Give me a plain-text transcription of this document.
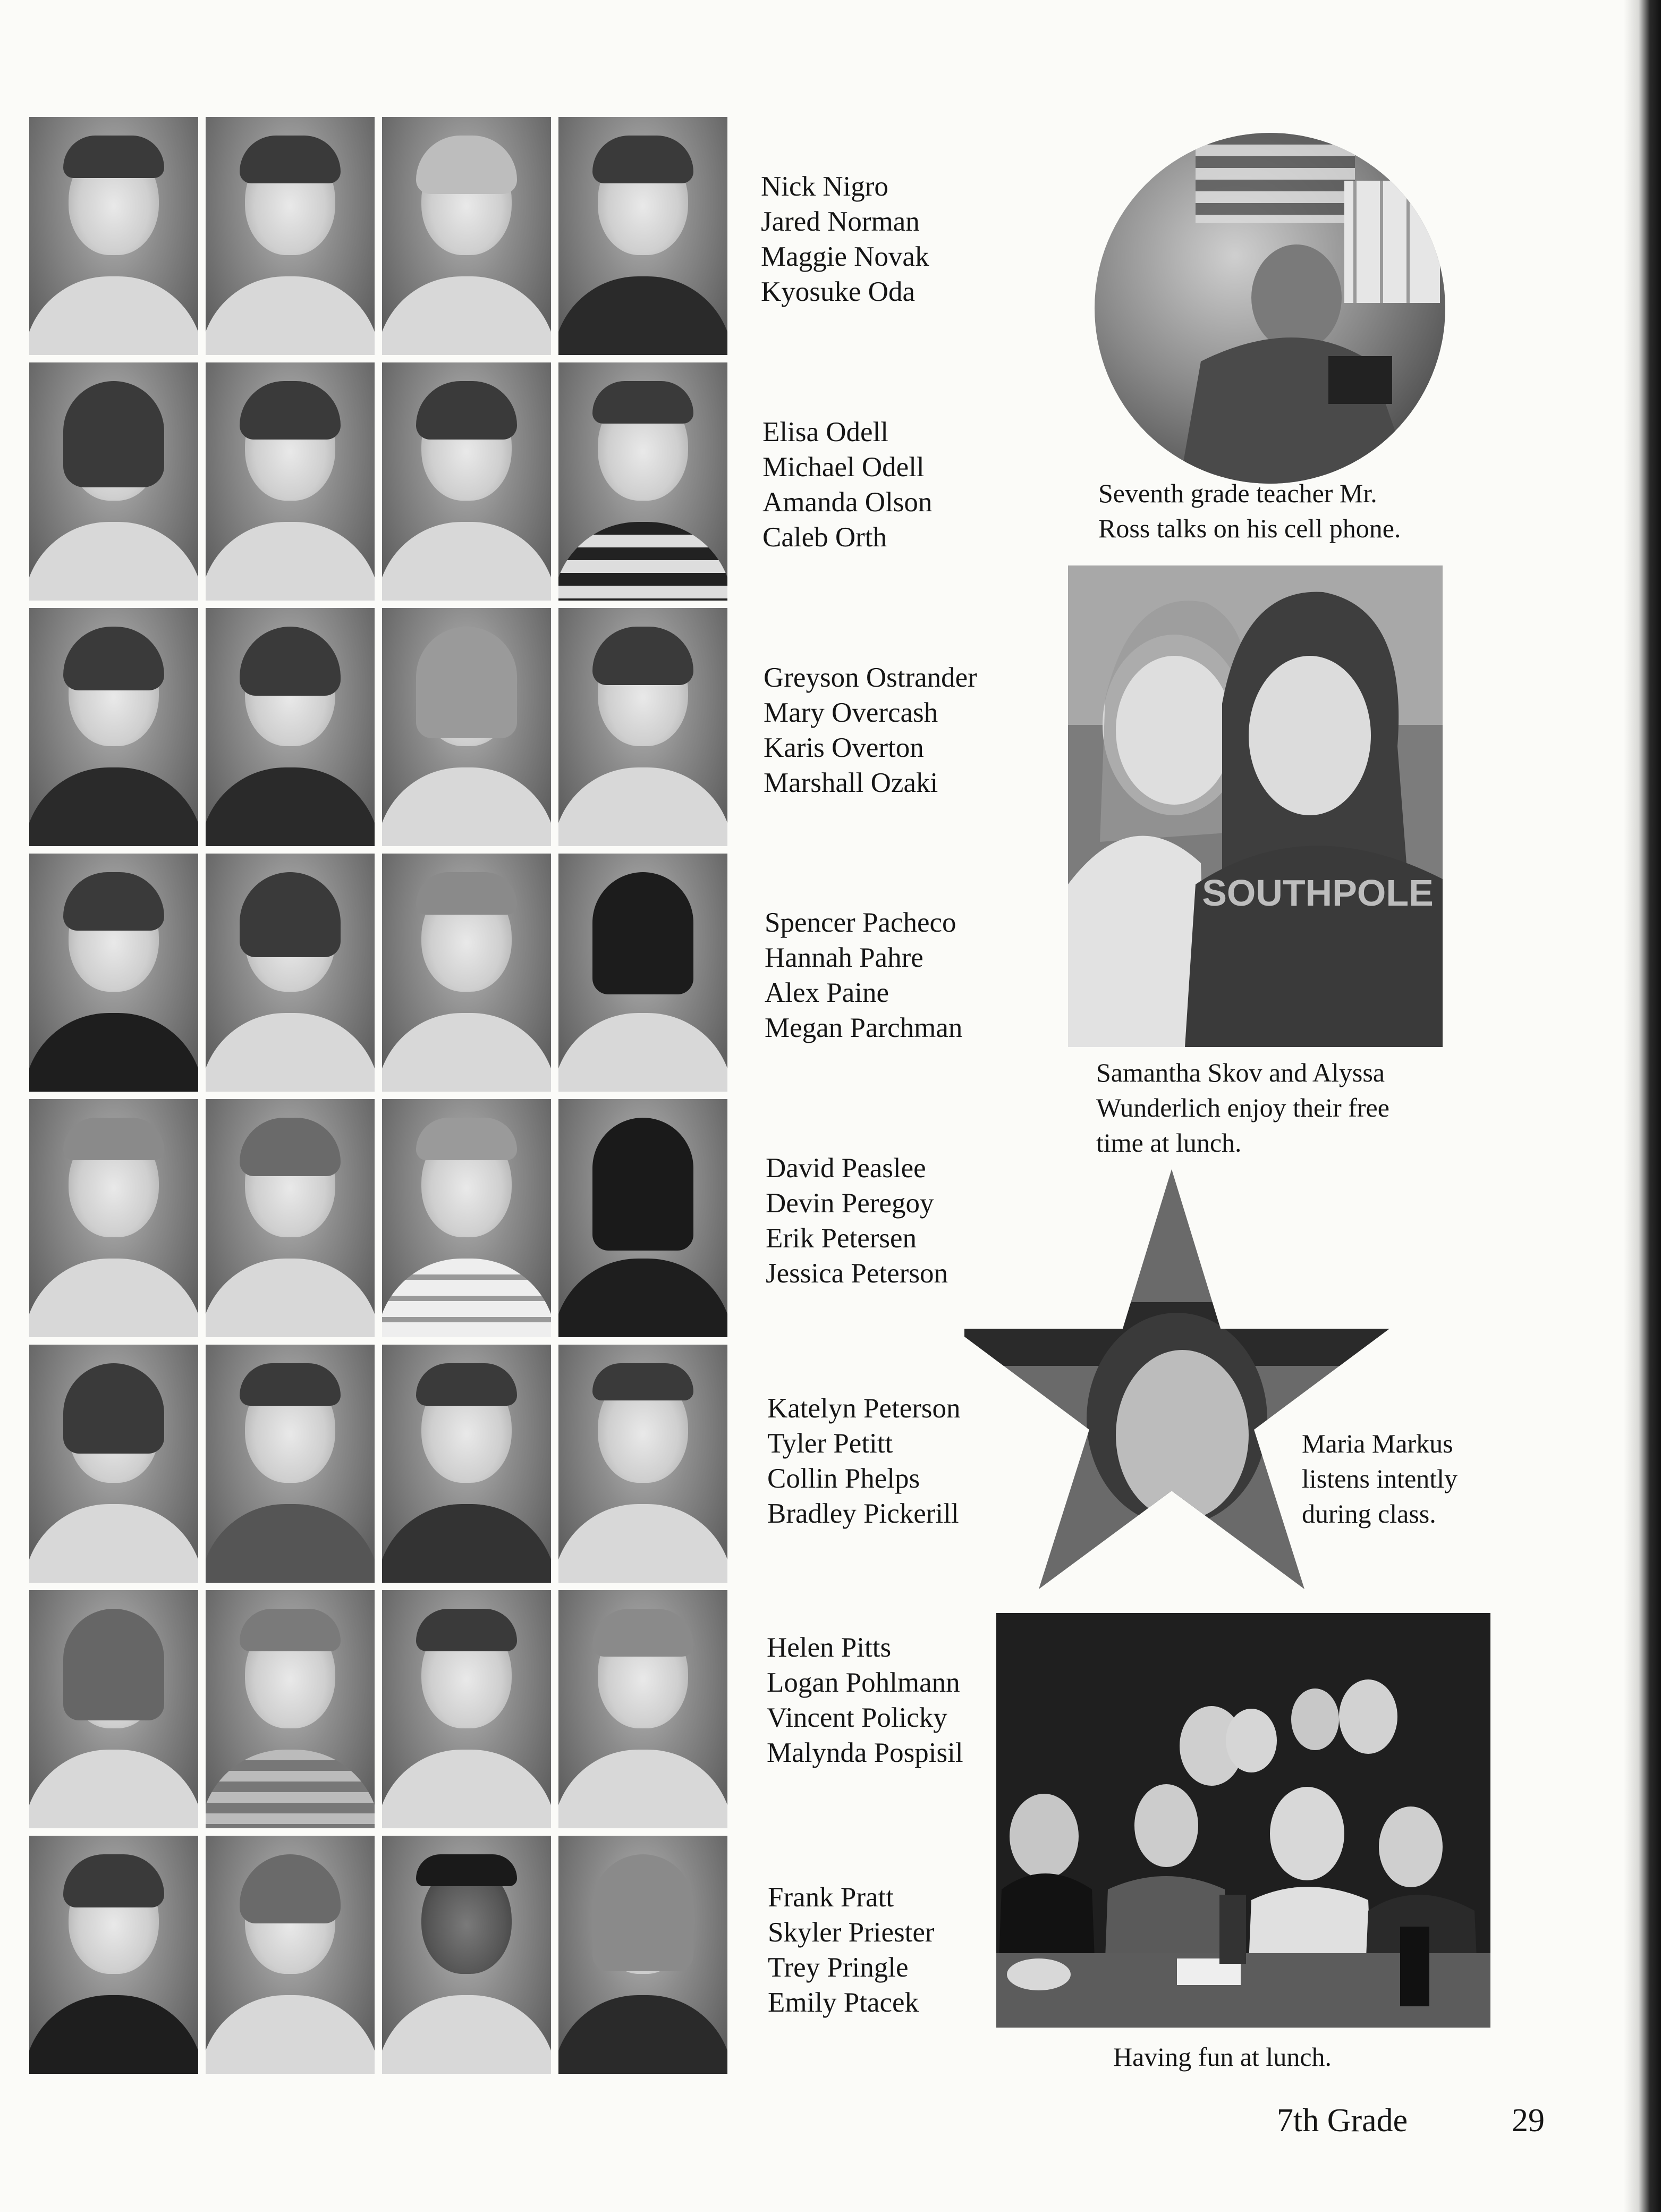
Nick Nigro
Jared Norman
Maggie Novak
Kyosuke Oda
Elisa Odell
Michael Odell
Amanda Olson
Caleb Orth
Greyson Ostrander
Mary Overcash
Karis Overton
Marshall Ozaki
Spencer Pacheco
Hannah Pahre
Alex Paine
Megan Parchman
David Peaslee
Devin Peregoy
Erik Petersen
Jessica Peterson
Katelyn Peterson
Tyler Petitt
Collin Phelps
Bradley Pickerill
Helen Pitts
Logan Pohlmann
Vincent Policky
Malynda Pospisil
Frank Pratt
Skyler Priester
Trey Pringle
Emily Ptacek
Seventh grade teacher Mr.
Ross talks on his cell phone.
SOUTHPOLE
Samantha Skov and Alyssa
Wunderlich enjoy their free
time at lunch.
Maria Markus
listens intently
during class.
Having fun at lunch.
7th Grade	29
